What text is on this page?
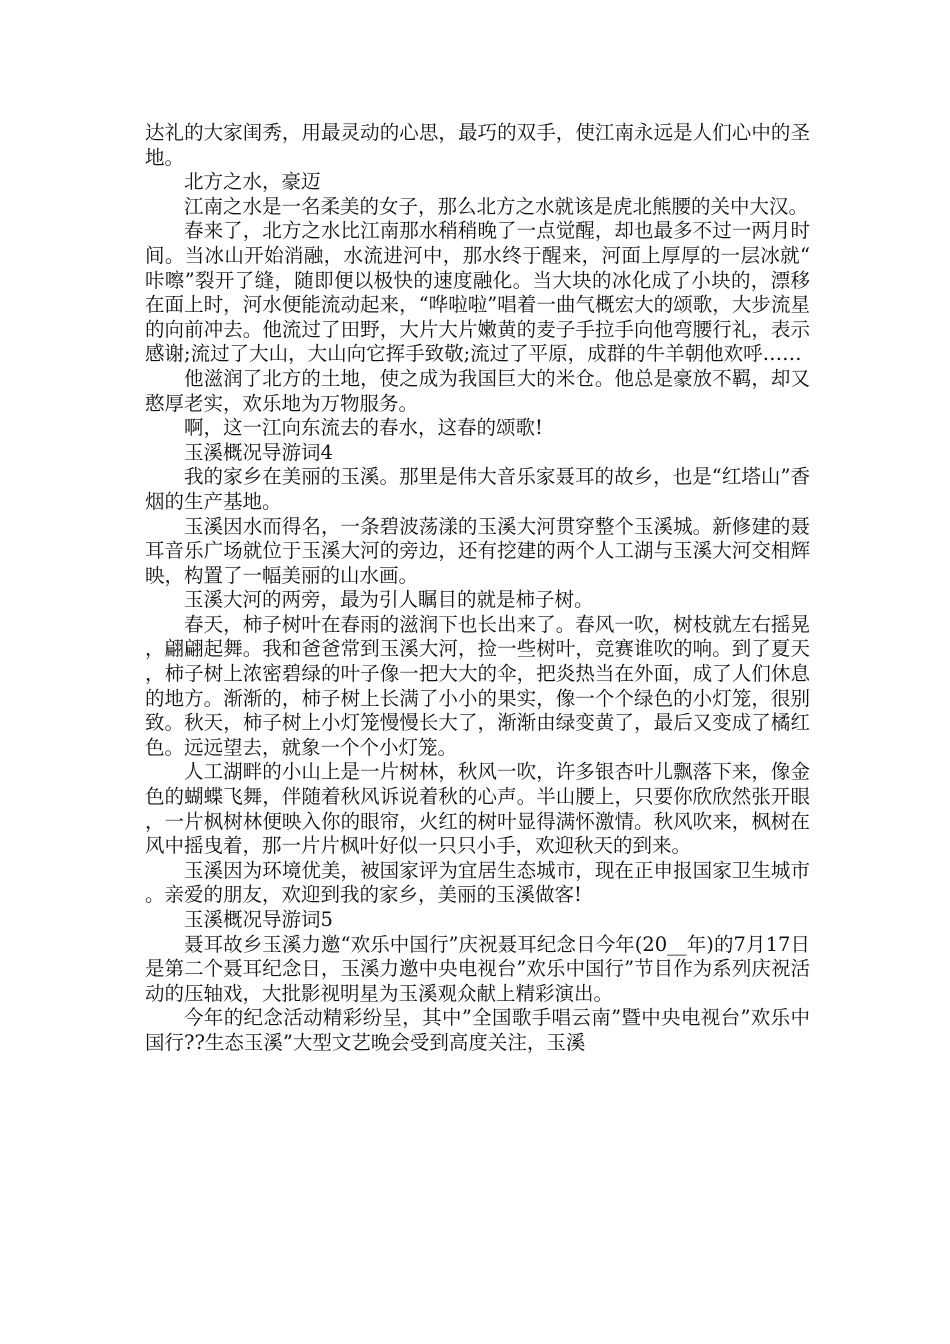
达礼的大家闺秀，用最灵动的心思，最巧的双手，使江南永远是人们心中的圣地。

北方之水，豪迈

江南之水是一名柔美的女子，那么北方之水就该是虎北熊腰的关中大汉。

春来了，北方之水比江南那水稍稍晚了一点觉醒，却也最多不过一两月时间。当冰山开始消融，水流进河中，那水终于醒来，河面上厚厚的一层冰就“咔嚓”裂开了缝，随即便以极快的速度融化。当大块的冰化成了小块的，漂移在面上时，河水便能流动起来，“哗啦啦”唱着一曲气概宏大的颂歌，大步流星的向前冲去。他流过了田野，大片大片嫩黄的麦子手拉手向他弯腰行礼，表示感谢;流过了大山，大山向它挥手致敬;流过了平原，成群的牛羊朝他欢呼……

他滋润了北方的土地，使之成为我国巨大的米仓。他总是豪放不羁，却又憨厚老实，欢乐地为万物服务。

啊，这一江向东流去的春水，这春的颂歌!

玉溪概况导游词4

我的家乡在美丽的玉溪。那里是伟大音乐家聂耳的故乡，也是“红塔山”香烟的生产基地。

玉溪因水而得名，一条碧波荡漾的玉溪大河贯穿整个玉溪城。新修建的聂耳音乐广场就位于玉溪大河的旁边，还有挖建的两个人工湖与玉溪大河交相辉映，构置了一幅美丽的山水画。

玉溪大河的两旁，最为引人瞩目的就是柿子树。

春天，柿子树叶在春雨的滋润下也长出来了。春风一吹，树枝就左右摇晃，翩翩起舞。我和爸爸常到玉溪大河，捡一些树叶，竞赛谁吹的响。到了夏天，柿子树上浓密碧绿的叶子像一把大大的伞，把炎热当在外面，成了人们休息的地方。渐渐的，柿子树上长满了小小的果实，像一个个绿色的小灯笼，很别致。秋天，柿子树上小灯笼慢慢长大了，渐渐由绿变黄了，最后又变成了橘红色。远远望去，就象一个个小灯笼。

人工湖畔的小山上是一片树林，秋风一吹，许多银杏叶儿飘落下来，像金色的蝴蝶飞舞，伴随着秋风诉说着秋的心声。半山腰上，只要你欣欣然张开眼，一片枫树林便映入你的眼帘，火红的树叶显得满怀激情。秋风吹来，枫树在风中摇曳着，那一片片枫叶好似一只只小手，欢迎秋天的到来。

玉溪因为环境优美，被国家评为宜居生态城市，现在正申报国家卫生城市。亲爱的朋友，欢迎到我的家乡，美丽的玉溪做客!

玉溪概况导游词5

聂耳故乡玉溪力邀“欢乐中国行”庆祝聂耳纪念日今年(20__年)的7月17日是第二个聂耳纪念日，玉溪力邀中央电视台”欢乐中国行”节目作为系列庆祝活动的压轴戏，大批影视明星为玉溪观众献上精彩演出。

今年的纪念活动精彩纷呈，其中”全国歌手唱云南”暨中央电视台”欢乐中国行??生态玉溪”大型文艺晚会受到高度关注，玉溪
